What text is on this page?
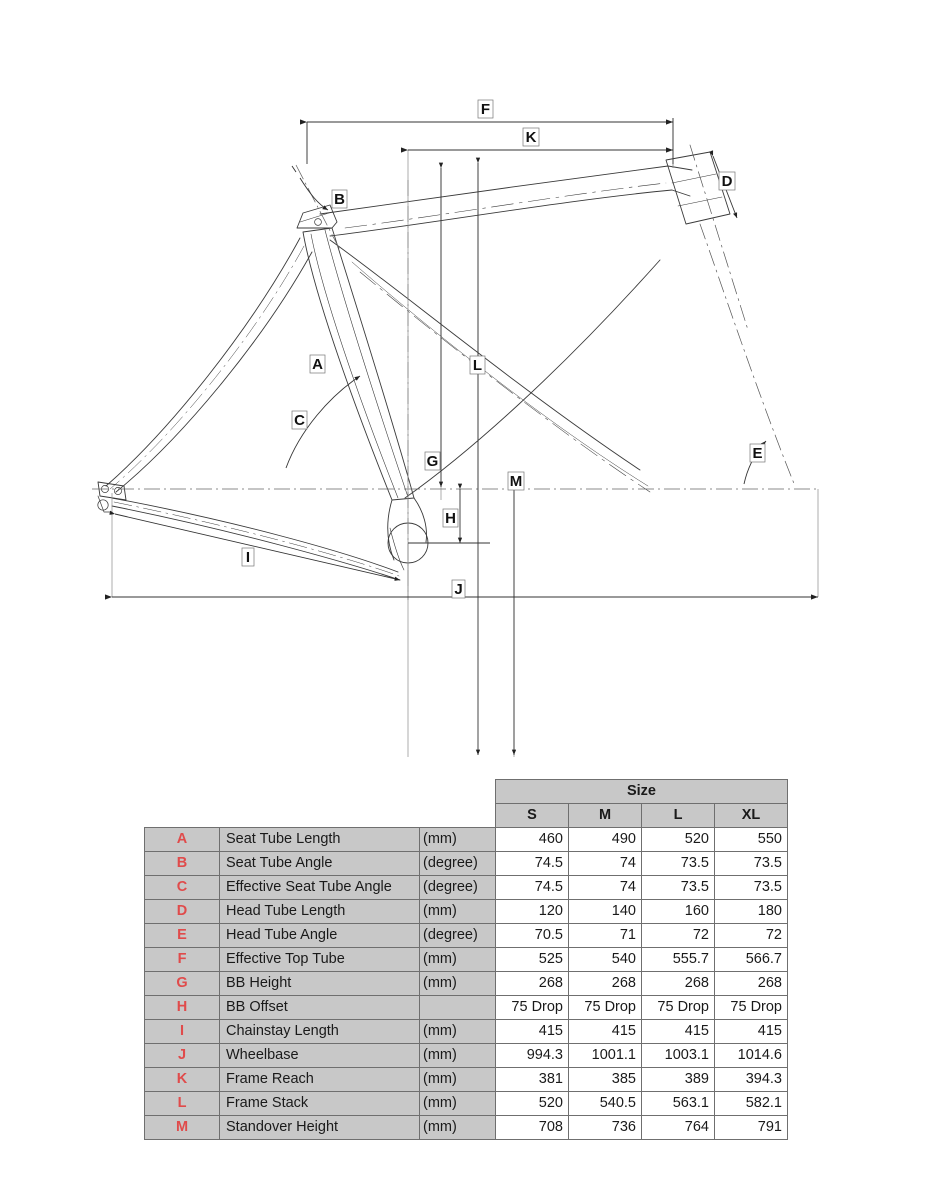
F
K
B
D
A	L
C
E
G
M
H
I
J
			Size			
			S	M	L	XL
A	Seat Tube Length	(mm)	460	490	520	550
B	Seat Tube Angle	(degree)	74.5	74	73.5	73.5
C	Effective Seat Tube Angle	(degree)	74.5	74	73.5	73.5
D	Head Tube Length	(mm)	120	140	160	180
E	Head Tube Angle	(degree)	70.5	71	72	72
F	Effective Top Tube	(mm)	525	540	555.7	566.7
G	BB Height	(mm)	268	268	268	268
H	BB Offset		75 Drop	75 Drop	75 Drop	75 Drop
I	Chainstay Length	(mm)	415	415	415	415
J	Wheelbase	(mm)	994.3	1001.1	1003.1	1014.6
K	Frame Reach	(mm)	381	385	389	394.3
L	Frame Stack	(mm)	520	540.5	563.1	582.1
M	Standover Height	(mm)	708	736	764	791
